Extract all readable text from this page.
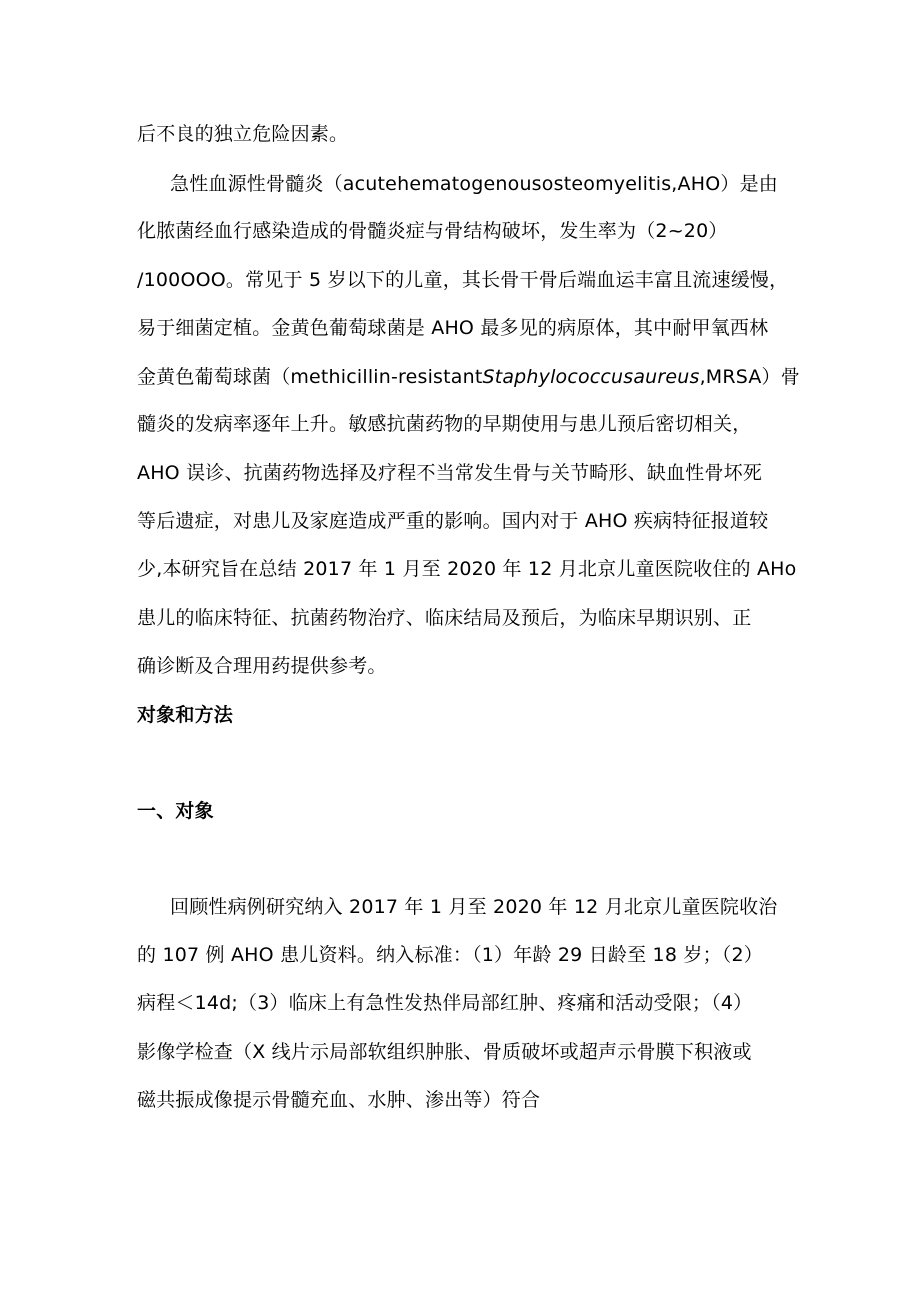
后不良的独立危险因素。
急性血源性骨髓炎（acutehematogenousosteomyelitis,AHO）是由
化脓菌经血行感染造成的骨髓炎症与骨结构破坏，发生率为（2~20）
/100OOO。常见于 5 岁以下的儿童，其长骨干骨后端血运丰富且流速缓慢，
易于细菌定植。金黄色葡萄球菌是 AHO 最多见的病原体，其中耐甲氧西林
金黄色葡萄球菌（methicillin-resistantStaphylococcusaureus,MRSA）骨
髓炎的发病率逐年上升。敏感抗菌药物的早期使用与患儿预后密切相关，
AHO 误诊、抗菌药物选择及疗程不当常发生骨与关节畸形、缺血性骨坏死
等后遗症，对患儿及家庭造成严重的影响。国内对于 AHO 疾病特征报道较
少,本研究旨在总结 2017 年 1 月至 2020 年 12 月北京儿童医院收住的 AHo
患儿的临床特征、抗菌药物治疗、临床结局及预后，为临床早期识别、正
确诊断及合理用药提供参考。
对象和方法
一、对象
回顾性病例研究纳入 2017 年 1 月至 2020 年 12 月北京儿童医院收治
的 107 例 AHO 患儿资料。纳入标准：（1）年龄 29 日龄至 18 岁；（2）
病程＜14d;（3）临床上有急性发热伴局部红肿、疼痛和活动受限；（4）
影像学检查（X 线片示局部软组织肿胀、骨质破坏或超声示骨膜下积液或
磁共振成像提示骨髓充血、水肿、渗出等）符合
